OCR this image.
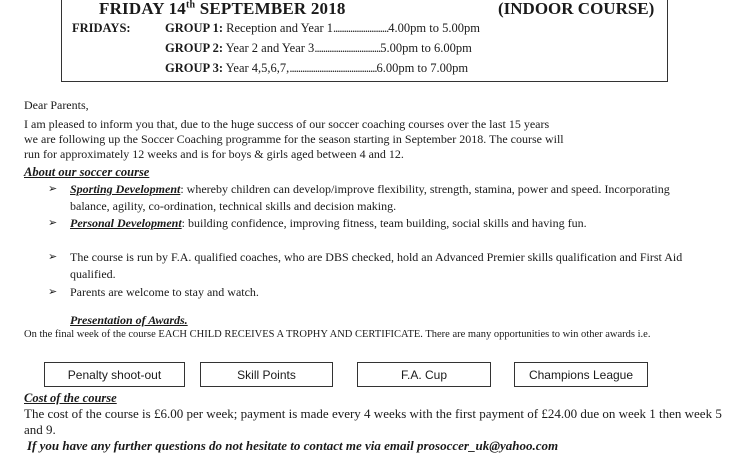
FRIDAY 14th SEPTEMBER 2018	(INDOOR COURSE)
FRIDAYS:	GROUP 1: Reception and Year 1..........................4.00pm to 5.00pm
GROUP 2: Year 2 and Year 3...............................5.00pm to 6.00pm
GROUP 3: Year 4,5,6,7,.........................................6.00pm to 7.00pm
Dear Parents,
I am pleased to inform you that, due to the huge success of our soccer coaching courses over the last 15 years
we are following up the Soccer Coaching programme for the season starting in September 2018. The course will
run for approximately 12 weeks and is for boys & girls aged between 4 and 12.
About our soccer course
➢ Sporting Development: whereby children can develop/improve flexibility, strength, stamina, power and speed. Incorporating balance, agility, co-ordination, technical skills and decision making.
➢ Personal Development: building confidence, improving fitness, team building, social skills and having fun.
➢ The course is run by F.A. qualified coaches, who are DBS checked, hold an Advanced Premier skills qualification and First Aid qualified.
➢ Parents are welcome to stay and watch.
Presentation of Awards.
On the final week of the course EACH CHILD RECEIVES A TROPHY AND CERTIFICATE. There are many opportunities to win other awards i.e.
Penalty shoot-out	Skill Points	F.A. Cup	Champions League
Cost of the course
The cost of the course is £6.00 per week; payment is made every 4 weeks with the first payment of £24.00 due on week 1 then week 5 and 9.
If you have any further questions do not hesitate to contact me via email prosoccer_uk@yahoo.com
